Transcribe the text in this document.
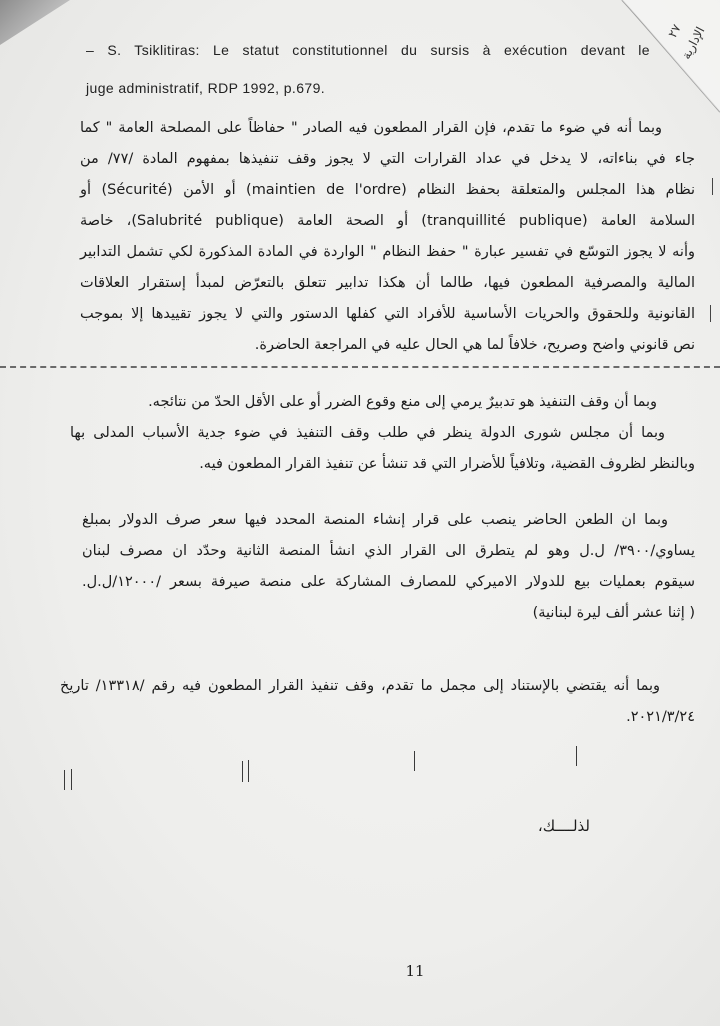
٢٧
الإدارية
– S. Tsiklitiras: Le statut constitutionnel du sursis à exécution devant le
juge administratif, RDP 1992, p.679.
وبما أنه في ضوء ما تقدم، فإن القرار المطعون فيه الصادر " حفاظاً على المصلحة العامة " كما
جاء في بناءاته، لا يدخل في عداد القرارات التي لا يجوز وقف تنفيذها بمفهوم المادة /٧٧/ من
نظام هذا المجلس والمتعلقة بحفظ النظام (maintien de l'ordre) أو الأمن (Sécurité) أو
السلامة العامة (tranquillité publique) أو الصحة العامة (Salubrité publique)، خاصة
وأنه لا يجوز التوسّع في تفسير عبارة " حفظ النظام " الواردة في المادة المذكورة لكي تشمل التدابير
المالية والمصرفية المطعون فيها، طالما أن هكذا تدابير تتعلق بالتعرّض لمبدأ إستقرار العلاقات
القانونية وللحقوق والحريات الأساسية للأفراد التي كفلها الدستور والتي لا يجوز تقييدها إلا بموجب
نص قانوني واضح وصريح، خلافاً لما هي الحال عليه في المراجعة الحاضرة.
وبما أن وقف التنفيذ هو تدبيرٌ يرمي إلى منع وقوع الضرر أو على الأقل الحدّ من نتائجه.
وبما أن مجلس شورى الدولة ينظر في طلب وقف التنفيذ في ضوء جدية الأسباب المدلى بها
وبالنظر لظروف القضية، وتلافياً للأضرار التي قد تنشأ عن تنفيذ القرار المطعون فيه.
وبما ان الطعن الحاضر ينصب على قرار إنشاء المنصة المحدد فيها سعر صرف الدولار بمبلغ
يساوي/٣٩٠٠/ ل.ل وهو لم يتطرق الى القرار الذي انشأ المنصة الثانية وحدّد ان مصرف لبنان
سيقوم بعمليات بيع للدولار الاميركي للمصارف المشاركة على منصة صيرفة بسعر /١٢٠٠٠/ل.ل.
( إثنا عشر ألف ليرة لبنانية)
وبما أنه يقتضي بالإستناد إلى مجمل ما تقدم، وقف تنفيذ القرار المطعون فيه رقم /١٣٣١٨/ تاريخ
٢٠٢١/٣/٢٤.
لذلــــك،
11
